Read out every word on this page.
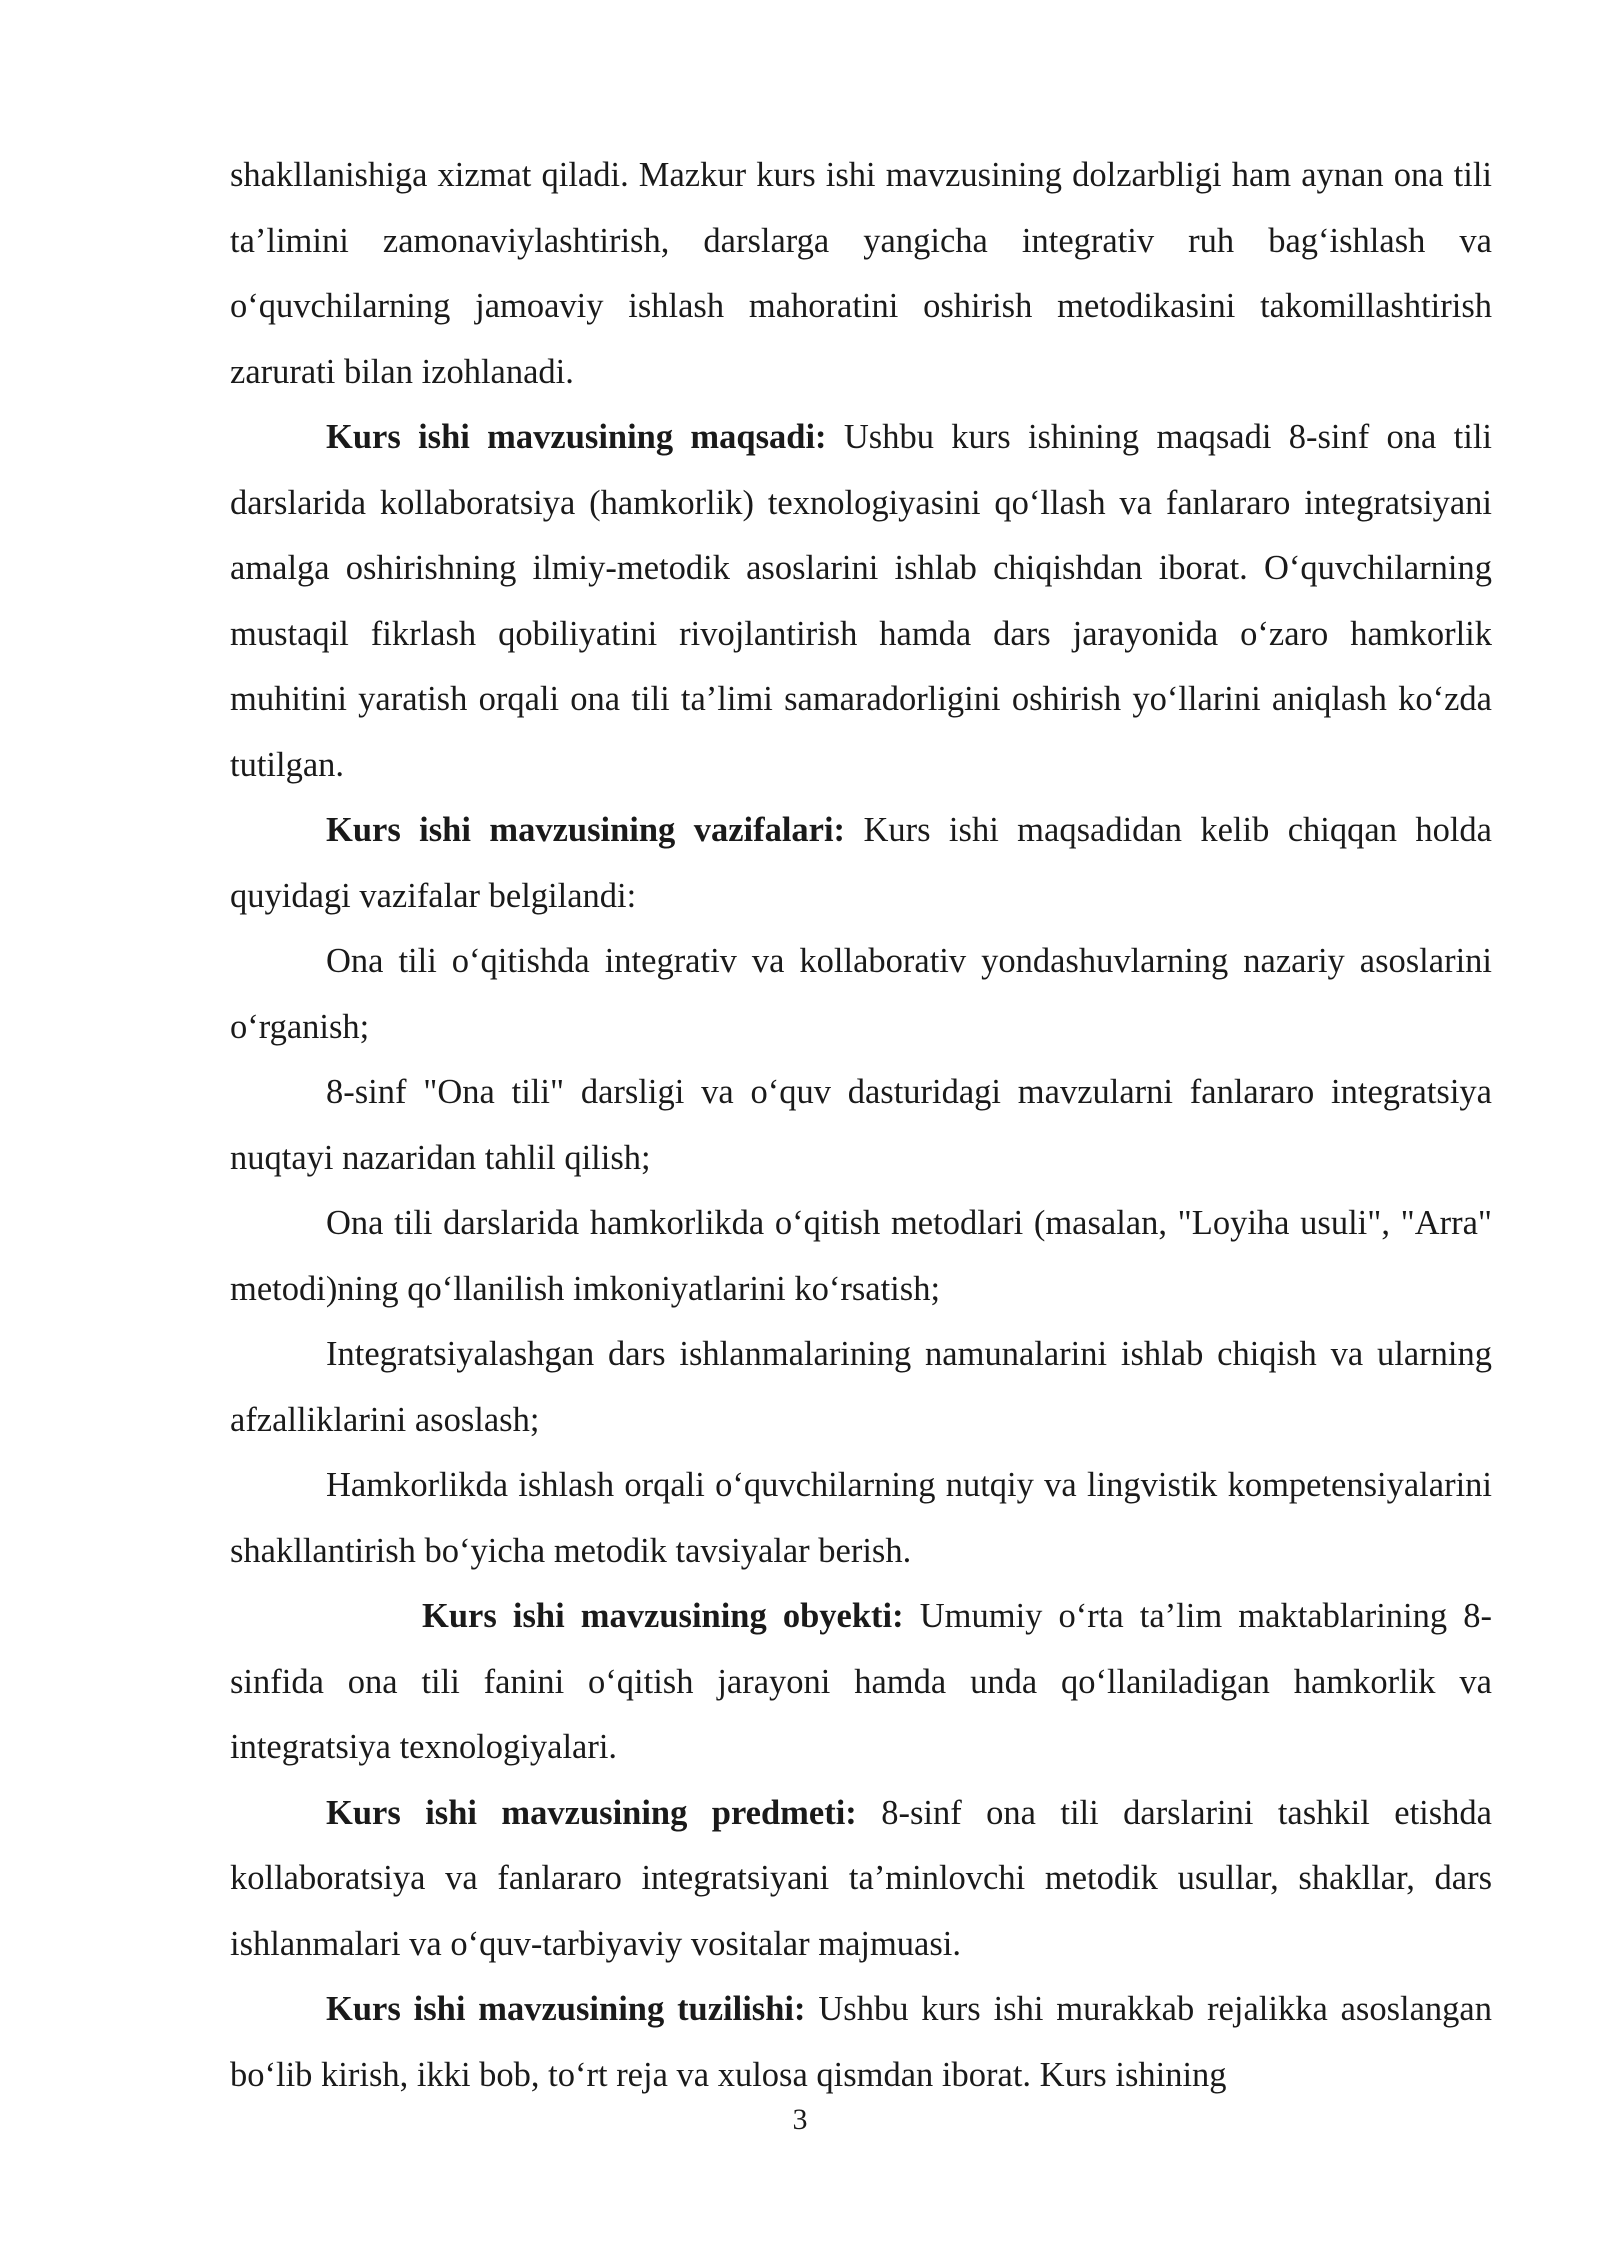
shakllanishiga xizmat qiladi. Mazkur kurs ishi mavzusining dolzarbligi ham aynan ona tili ta’limini zamonaviylashtirish, darslarga yangicha integrativ ruh bag‘ishlash va o‘quvchilarning jamoaviy ishlash mahoratini oshirish metodikasini takomillashtirish zarurati bilan izohlanadi.

Kurs ishi mavzusining maqsadi: Ushbu kurs ishining maqsadi 8-sinf ona tili darslarida kollaboratsiya (hamkorlik) texnologiyasini qo‘llash va fanlararo integratsiyani amalga oshirishning ilmiy-metodik asoslarini ishlab chiqishdan iborat. O‘quvchilarning mustaqil fikrlash qobiliyatini rivojlantirish hamda dars jarayonida o‘zaro hamkorlik muhitini yaratish orqali ona tili ta’limi samaradorligini oshirish yo‘llarini aniqlash ko‘zda tutilgan.

Kurs ishi mavzusining vazifalari: Kurs ishi maqsadidan kelib chiqqan holda quyidagi vazifalar belgilandi:

Ona tili o‘qitishda integrativ va kollaborativ yondashuvlarning nazariy asoslarini o‘rganish;

8-sinf "Ona tili" darsligi va o‘quv dasturidagi mavzularni fanlararo integratsiya nuqtayi nazaridan tahlil qilish;

Ona tili darslarida hamkorlikda o‘qitish metodlari (masalan, "Loyiha usuli", "Arra" metodi)ning qo‘llanilish imkoniyatlarini ko‘rsatish;

Integratsiyalashgan dars ishlanmalarining namunalarini ishlab chiqish va ularning afzalliklarini asoslash;

Hamkorlikda ishlash orqali o‘quvchilarning nutqiy va lingvistik kompetensiyalarini shakllantirish bo‘yicha metodik tavsiyalar berish.

Kurs ishi mavzusining obyekti: Umumiy o‘rta ta’lim maktablarining 8-sinfida ona tili fanini o‘qitish jarayoni hamda unda qo‘llaniladigan hamkorlik va integratsiya texnologiyalari.

Kurs ishi mavzusining predmeti: 8-sinf ona tili darslarini tashkil etishda kollaboratsiya va fanlararo integratsiyani ta’minlovchi metodik usullar, shakllar, dars ishlanmalari va o‘quv-tarbiyaviy vositalar majmuasi.

Kurs ishi mavzusining tuzilishi: Ushbu kurs ishi murakkab rejalikka asoslangan bo‘lib kirish, ikki bob, to‘rt reja va xulosa qismdan iborat. Kurs ishining

3
